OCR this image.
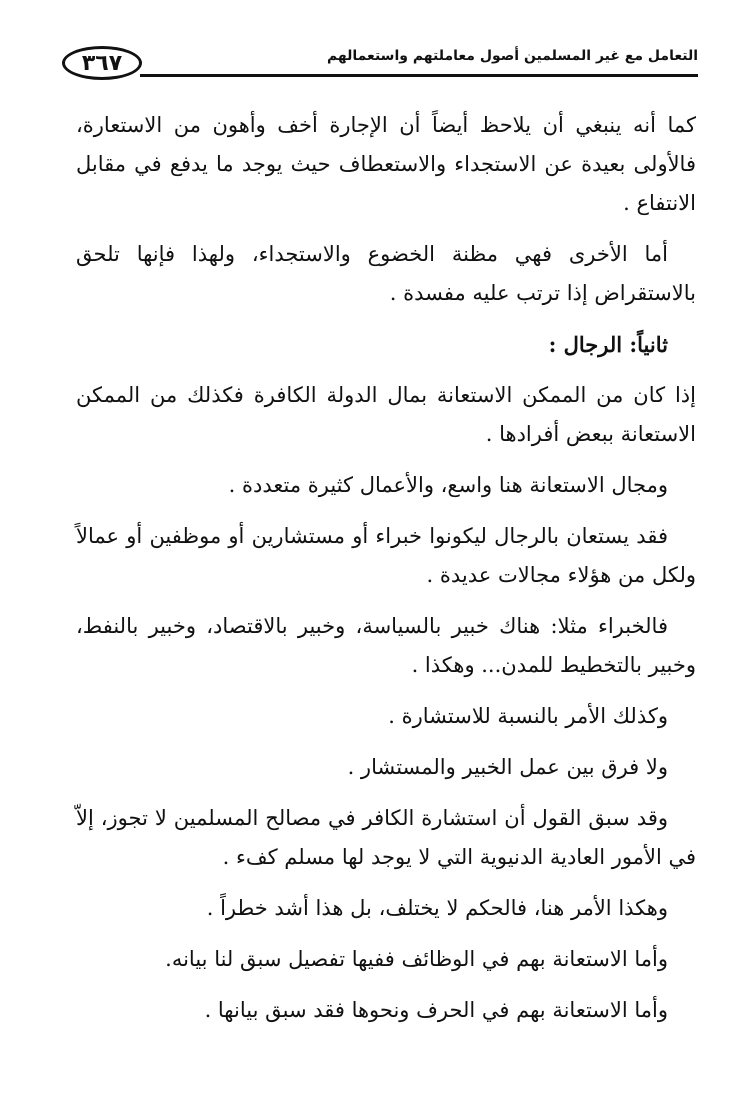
٣٦٧	التعامل مع غير المسلمين أصول معاملتهم واستعمالهم

كما أنه ينبغي أن يلاحظ أيضاً أن الإجارة أخف وأهون من الاستعارة، فالأولى بعيدة عن الاستجداء والاستعطاف حيث يوجد ما يدفع في مقابل الانتفاع .

أما الأخرى فهي مظنة الخضوع والاستجداء، ولهذا فإنها تلحق بالاستقراض إذا ترتب عليه مفسدة .

ثانياً: الرجال :

إذا كان من الممكن الاستعانة بمال الدولة الكافرة فكذلك من الممكن الاستعانة ببعض أفرادها .

ومجال الاستعانة هنا واسع، والأعمال كثيرة متعددة .

فقد يستعان بالرجال ليكونوا خبراء أو مستشارين أو موظفين أو عمالاً ولكل من هؤلاء مجالات عديدة .

فالخبراء مثلا: هناك خبير بالسياسة، وخبير بالاقتصاد، وخبير بالنفط، وخبير بالتخطيط للمدن... وهكذا .

وكذلك الأمر بالنسبة للاستشارة .

ولا فرق بين عمل الخبير والمستشار .

وقد سبق القول أن استشارة الكافر في مصالح المسلمين لا تجوز، إلاّ في الأمور العادية الدنيوية التي لا يوجد لها مسلم كفء .

وهكذا الأمر هنا، فالحكم لا يختلف، بل هذا أشد خطراً .

وأما الاستعانة بهم في الوظائف ففيها تفصيل سبق لنا بيانه.

وأما الاستعانة بهم في الحرف ونحوها فقد سبق بيانها .
